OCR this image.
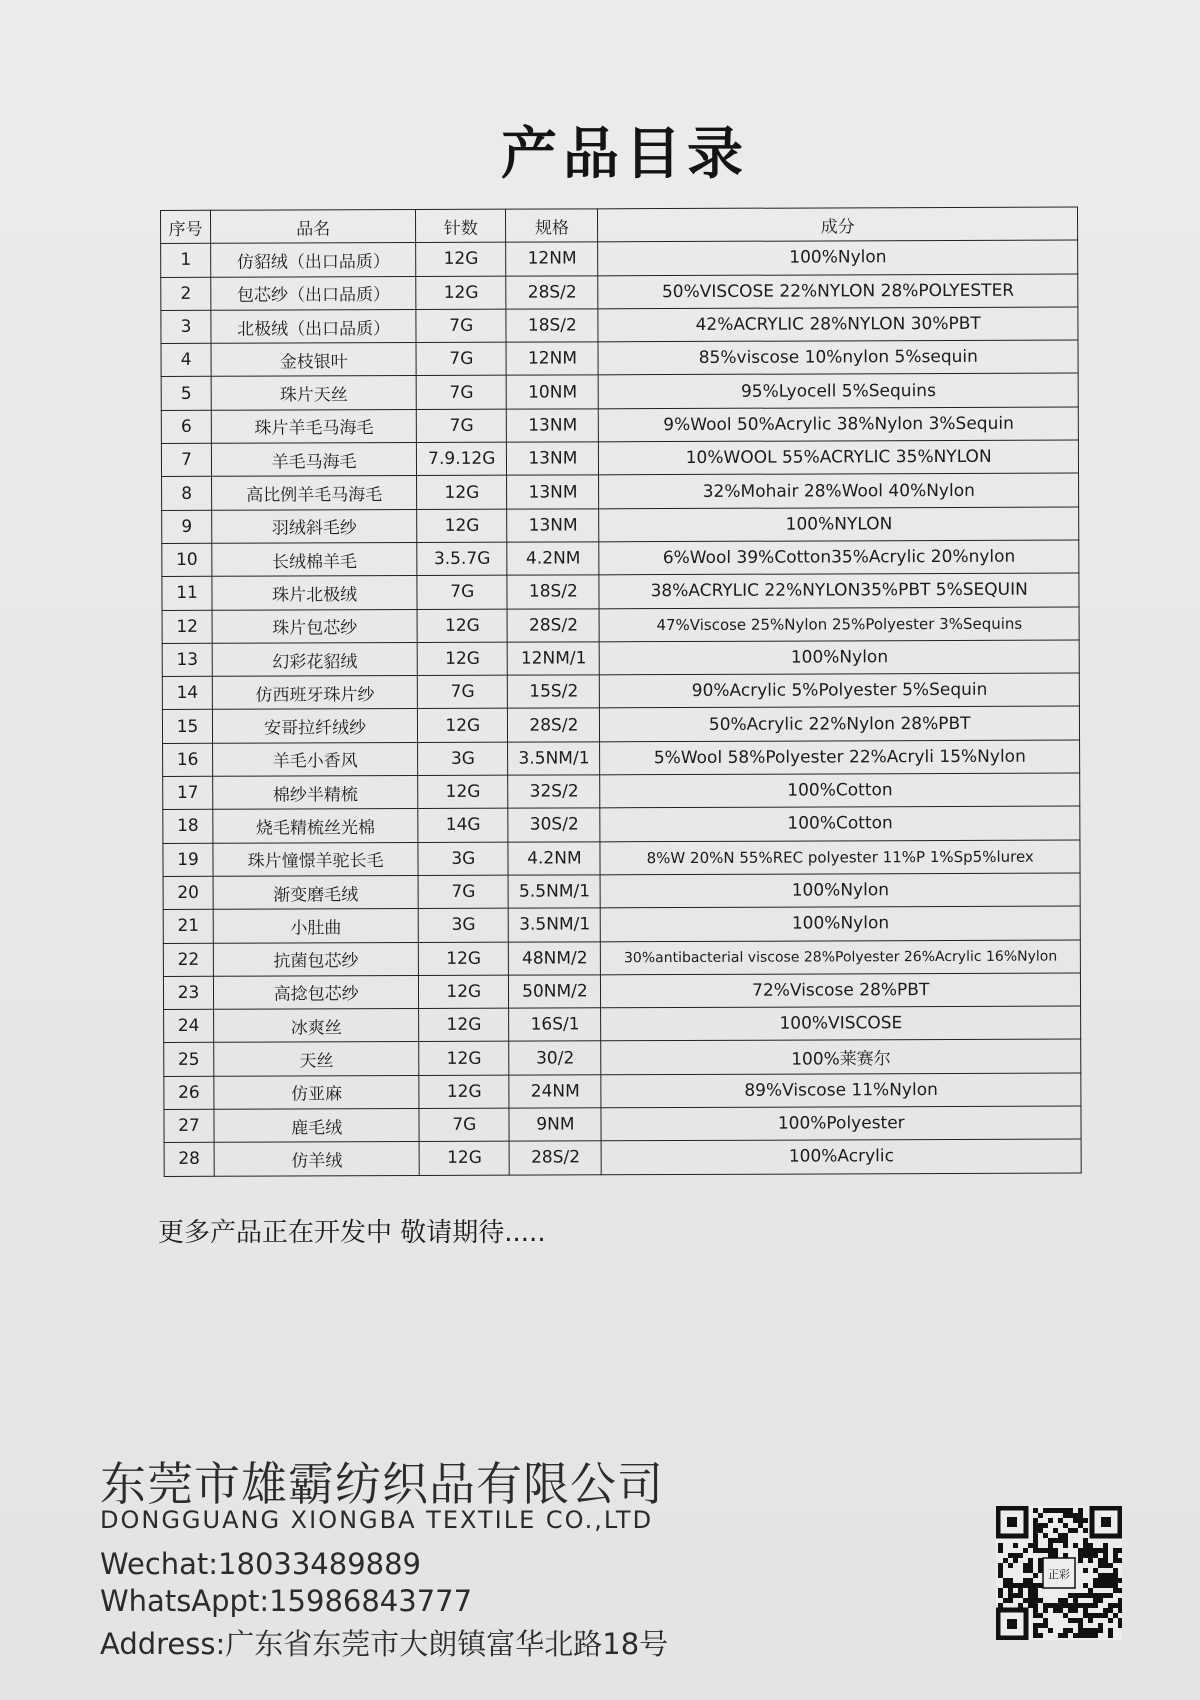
产品目录
序号	品名	针数	规格	成分
1	仿貂绒（出口品质）	12G	12NM	100%Nylon
2	包芯纱（出口品质）	12G	28S/2	50%VISCOSE 22%NYLON 28%POLYESTER
3	北极绒（出口品质）	7G	18S/2	42%ACRYLIC 28%NYLON 30%PBT
4	金枝银叶	7G	12NM	85%viscose 10%nylon 5%sequin
5	珠片天丝	7G	10NM	95%Lyocell 5%Sequins
6	珠片羊毛马海毛	7G	13NM	9%Wool 50%Acrylic 38%Nylon 3%Sequin
7	羊毛马海毛	7.9.12G	13NM	10%WOOL 55%ACRYLIC 35%NYLON
8	高比例羊毛马海毛	12G	13NM	32%Mohair 28%Wool 40%Nylon
9	羽绒斜毛纱	12G	13NM	100%NYLON
10	长绒棉羊毛	3.5.7G	4.2NM	6%Wool 39%Cotton35%Acrylic 20%nylon
11	珠片北极绒	7G	18S/2	38%ACRYLIC 22%NYLON35%PBT 5%SEQUIN
12	珠片包芯纱	12G	28S/2	47%Viscose 25%Nylon 25%Polyester 3%Sequins
13	幻彩花貂绒	12G	12NM/1	100%Nylon
14	仿西班牙珠片纱	7G	15S/2	90%Acrylic 5%Polyester 5%Sequin
15	安哥拉纤绒纱	12G	28S/2	50%Acrylic 22%Nylon 28%PBT
16	羊毛小香风	3G	3.5NM/1	5%Wool 58%Polyester 22%Acryli 15%Nylon
17	棉纱半精梳	12G	32S/2	100%Cotton
18	烧毛精梳丝光棉	14G	30S/2	100%Cotton
19	珠片憧憬羊驼长毛	3G	4.2NM	8%W 20%N 55%REC polyester 11%P 1%Sp5%lurex
20	渐变磨毛绒	7G	5.5NM/1	100%Nylon
21	小肚曲	3G	3.5NM/1	100%Nylon
22	抗菌包芯纱	12G	48NM/2	30%antibacterial viscose 28%Polyester 26%Acrylic 16%Nylon
23	高捻包芯纱	12G	50NM/2	72%Viscose 28%PBT
24	冰爽丝	12G	16S/1	100%VISCOSE
25	天丝	12G	30/2	100%莱赛尔
26	仿亚麻	12G	24NM	89%Viscose 11%Nylon
27	鹿毛绒	7G	9NM	100%Polyester
28	仿羊绒	12G	28S/2	100%Acrylic
更多产品正在开发中 敬请期待.....
东莞市雄霸纺织品有限公司
DONGGUANG XIONGBA TEXTILE CO.,LTD
Wechat:18033489889
WhatsAppt:15986843777
Address:广东省东莞市大朗镇富华北路18号
正彩
